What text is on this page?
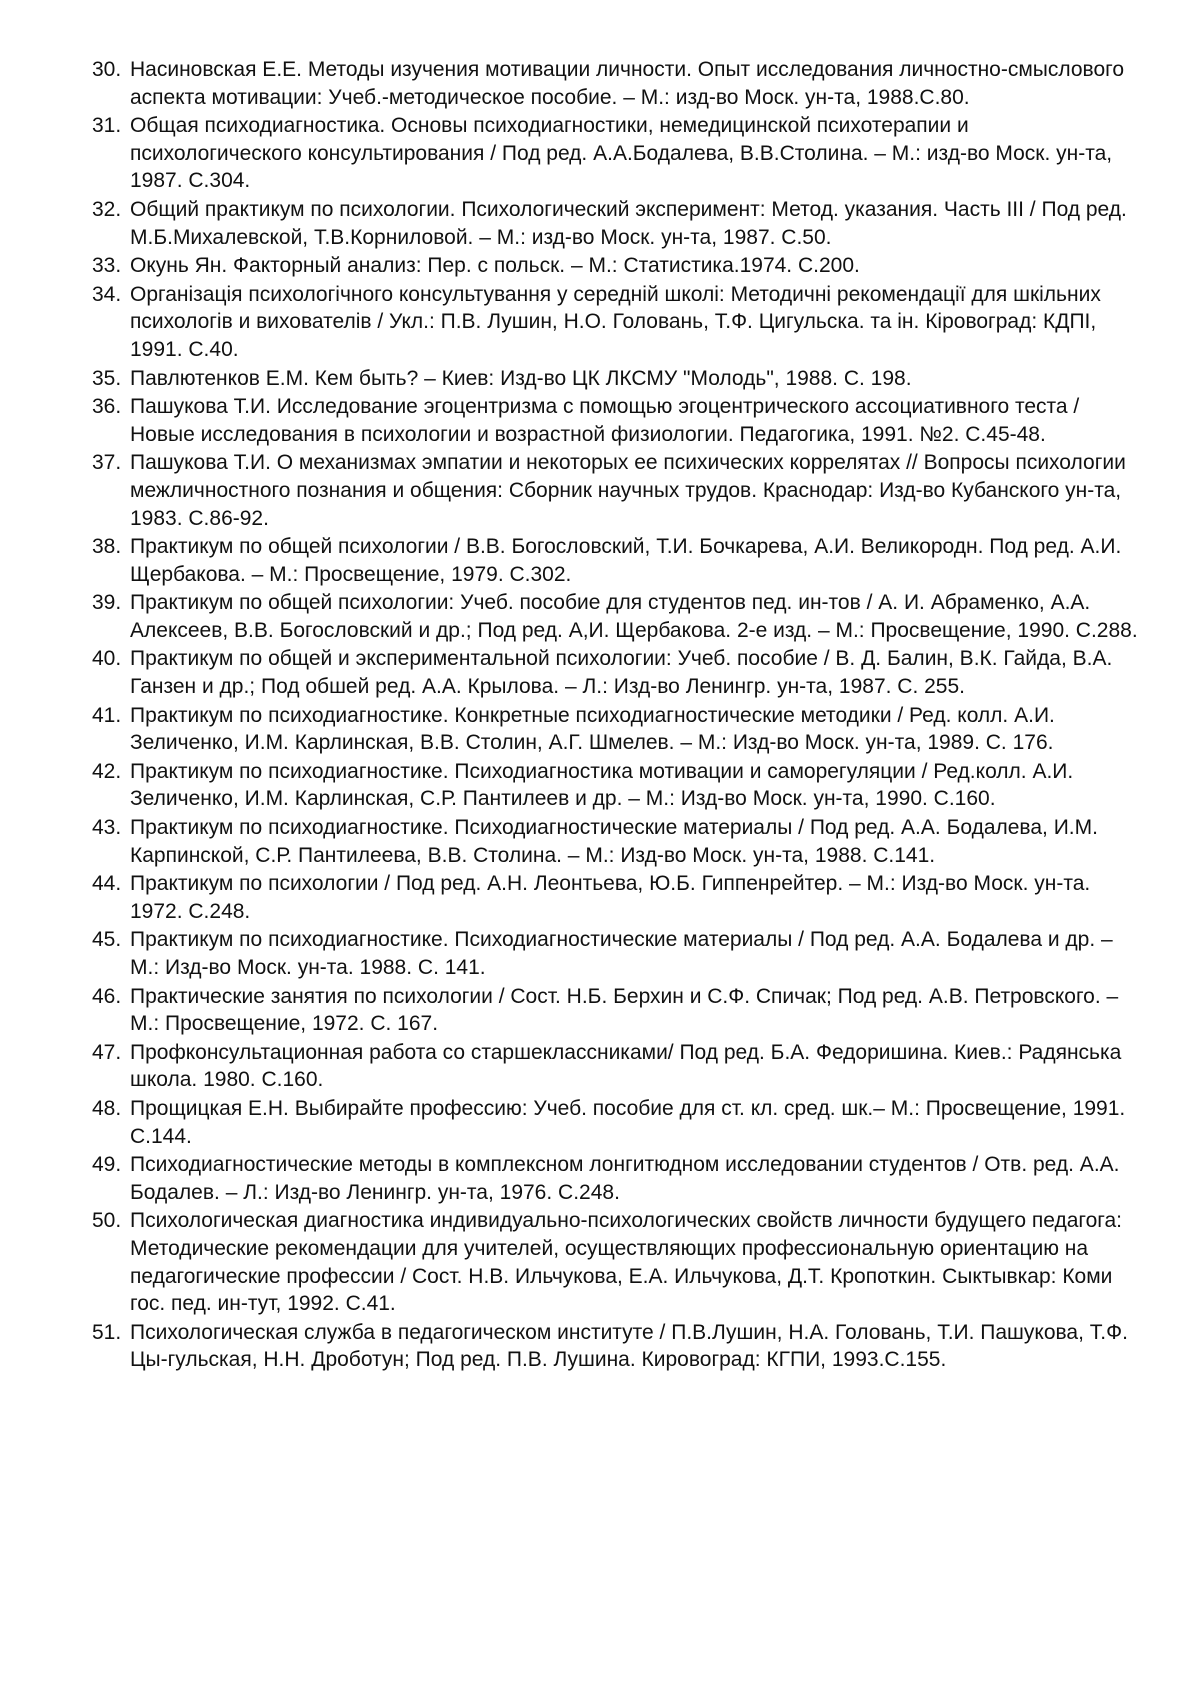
30. Насиновская Е.Е. Методы изучения мотивации личности. Опыт исследования личностно-смыслового аспекта мотивации: Учеб.-методическое пособие. – М.: изд-во Моск. ун-та, 1988.С.80.
31. Общая психодиагностика. Основы психодиагностики, немедицинской психотерапии и психологического консультирования / Под ред. А.А.Бодалева, В.В.Столина. – М.: изд-во Моск. ун-та, 1987. С.304.
32. Общий практикум по психологии. Психологический эксперимент: Метод. указания. Часть III / Под ред. М.Б.Михалевской, Т.В.Корниловой. – М.: изд-во Моск. ун-та, 1987. С.50.
33. Окунь Ян. Факторный анализ: Пер. с польск. – М.: Статистика.1974. С.200.
34. Організація психологічного консультування у середній школі: Методичні рекомендації для шкільних психологів и вихователів / Укл.: П.В. Лушин, Н.О. Головань, Т.Ф. Цигульска. та ін. Кіровоград: КДПІ, 1991. С.40.
35. Павлютенков Е.М. Кем быть? – Киев: Изд-во ЦК ЛКСМУ "Молодь", 1988. С. 198.
36. Пашукова Т.И. Исследование эгоцентризма с помощью эгоцентрического ассоциативного теста / Новые исследования в психологии и возрастной физиологии. Педагогика, 1991. №2. С.45-48.
37. Пашукова Т.И. О механизмах эмпатии и некоторых ее психических коррелятах // Вопросы психологии межличностного познания и общения: Сборник научных трудов. Краснодар: Изд-во Кубанского ун-та, 1983. С.86-92.
38. Практикум по общей психологии / В.В. Богословский, Т.И. Бочкарева, А.И. Великородн. Под ред. А.И. Щербакова. – М.: Просвещение, 1979. С.302.
39. Практикум по общей психологии: Учеб. пособие для студентов пед. ин-тов / А. И. Абраменко, А.А. Алексеев, В.В. Богословский и др.; Под ред. А,И. Щербакова. 2-е изд. – М.: Просвещение, 1990. С.288.
40. Практикум по общей и экспериментальной психологии: Учеб. пособие / В. Д. Балин, В.К. Гайда, В.А. Ганзен и др.; Под обшей ред. А.А. Крылова. – Л.: Изд-во Ленингр. ун-та, 1987. С. 255.
41. Практикум по психодиагностике. Конкретные психодиагностические методики / Ред. колл. А.И. Зеличенко, И.М. Карлинская, В.В. Столин, А.Г. Шмелев. – М.: Изд-во Моск. ун-та, 1989. С. 176.
42. Практикум по психодиагностике. Психодиагностика мотивации и саморегуляции / Ред.колл. А.И. Зеличенко, И.М. Карлинская, С.Р. Пантилеев и др. – М.: Изд-во Моск. ун-та, 1990. С.160.
43. Практикум по психодиагностике. Психодиагностические материалы / Под ред. А.А. Бодалева, И.М. Карпинской, С.Р. Пантилеева, В.В. Столина. – М.: Изд-во Моск. ун-та, 1988. С.141.
44. Практикум по психологии / Под ред. А.Н. Леонтьева, Ю.Б. Гиппенрейтер. – М.: Изд-во Моск. ун-та. 1972. С.248.
45. Практикум по психодиагностике. Психодиагностические материалы / Под ред. А.А. Бодалева и др. – М.: Изд-во Моск. ун-та. 1988. С. 141.
46. Практические занятия по психологии / Сост. Н.Б. Берхин и С.Ф. Спичак; Под ред. А.В. Петровского. – М.: Просвещение, 1972. С. 167.
47. Профконсультационная работа со старшеклассниками/ Под ред. Б.А. Федоришина. Киев.: Радянська школа. 1980. С.160.
48. Прощицкая Е.Н. Выбирайте профессию: Учеб. пособие для ст. кл. сред. шк.– М.: Просвещение, 1991. С.144.
49. Психодиагностические методы в комплексном лонгитюдном исследовании студентов / Отв. ред. А.А. Бодалев. – Л.: Изд-во Ленингр. ун-та, 1976. С.248.
50. Психологическая диагностика индивидуально-психологических свойств личности будущего педагога: Методические рекомендации для учителей, осуществляющих профессиональную ориентацию на педагогические профессии / Сост. Н.В. Ильчукова, Е.А. Ильчукова, Д.Т. Кропоткин. Сыктывкар: Коми гос. пед. ин-тут, 1992. С.41.
51. Психологическая служба в педагогическом институте / П.В.Лушин, Н.А. Головань, Т.И. Пашукова, Т.Ф. Цы-гульская, Н.Н. Дроботун; Под ред. П.В. Лушина. Кировоград: КГПИ, 1993.С.155.
